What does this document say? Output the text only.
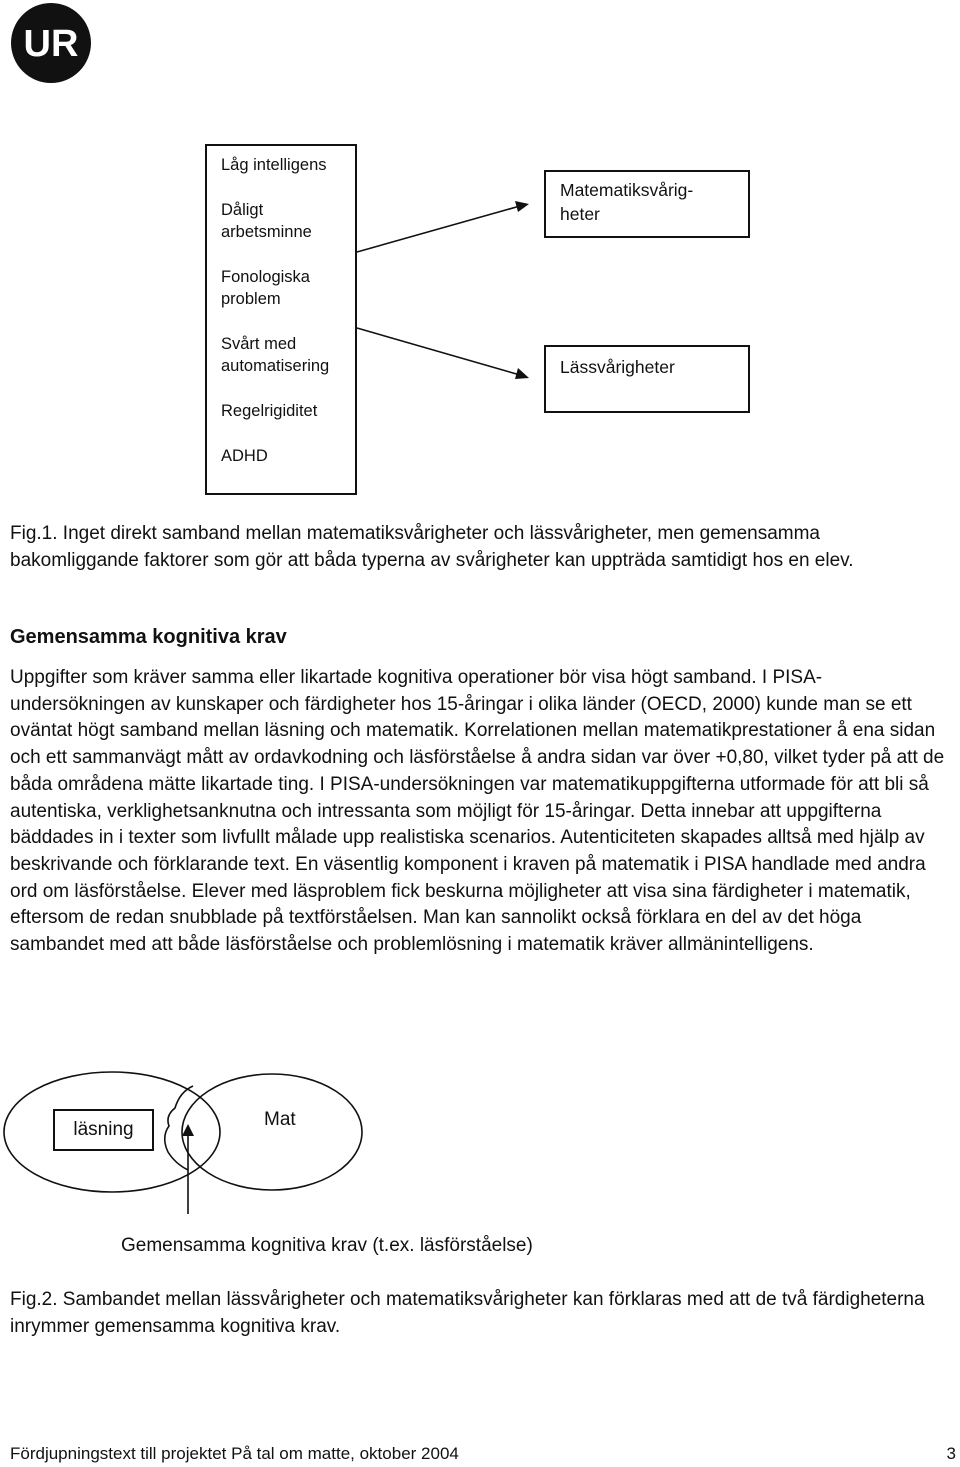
UR
Låg intelligens
Dåligt arbetsminne
Fonologiska problem
Svårt med automatisering
Regelrigiditet
ADHD
Matematiksvårig-heter
Lässvårigheter

Fig.1. Inget direkt samband mellan matematiksvårigheter och lässvårigheter, men gemensamma bakomliggande faktorer som gör att båda typerna av svårigheter kan uppträda samtidigt hos en elev.

Gemensamma kognitiva krav

Uppgifter som kräver samma eller likartade kognitiva operationer bör visa högt samband. I PISA-undersökningen av kunskaper och färdigheter hos 15-åringar i olika länder (OECD, 2000) kunde man se ett oväntat högt samband mellan läsning och matematik. Korrelationen mellan matematikprestationer å ena sidan och ett sammanvägt mått av ordavkodning och läsförståelse å andra sidan var över +0,80, vilket tyder på att de båda områdena mätte likartade ting. I PISA-undersökningen var matematikuppgifterna utformade för att bli så autentiska, verklighetsanknutna och intressanta som möjligt för 15-åringar. Detta innebar att uppgifterna bäddades in i texter som livfullt målade upp realistiska scenarios. Autenticiteten skapades alltså med hjälp av beskrivande och förklarande text. En väsentlig komponent i kraven på matematik i PISA handlade med andra ord om läsförståelse. Elever med läsproblem fick beskurna möjligheter att visa sina färdigheter i matematik, eftersom de redan snubblade på textförståelsen. Man kan sannolikt också förklara en del av det höga sambandet med att både läsförståelse och problemlösning i matematik kräver allmänintelligens.

läsning	Mat
Gemensamma kognitiva krav (t.ex. läsförståelse)

Fig.2. Sambandet mellan lässvårigheter och matematiksvårigheter kan förklaras med att de två färdigheterna inrymmer gemensamma kognitiva krav.

Fördjupningstext till projektet På tal om matte, oktober 2004	3
